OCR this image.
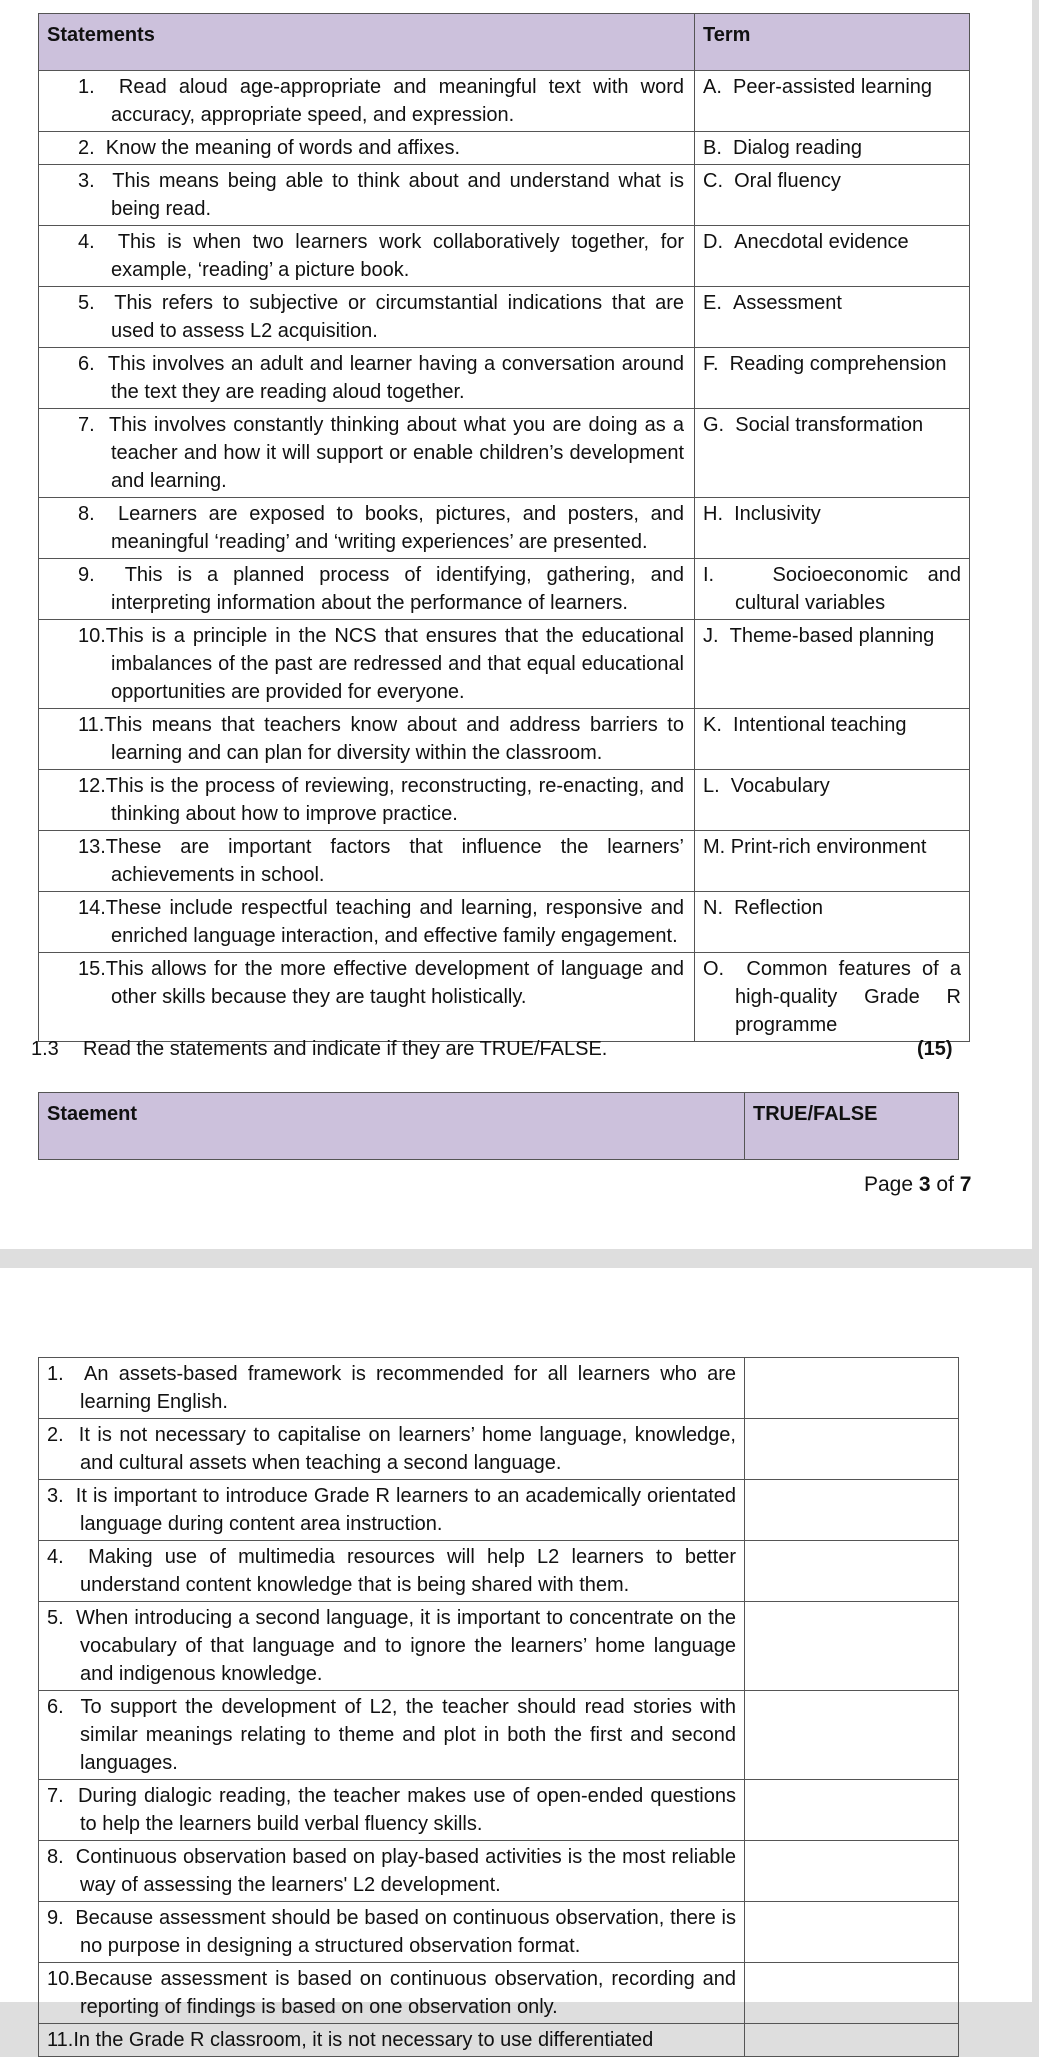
Statements	Term
1.  Read aloud age-appropriate and meaningful text with word accuracy, appropriate speed, and expression.	A.  Peer-assisted learning
2.  Know the meaning of words and affixes.	B.  Dialog reading
3.  This means being able to think about and understand what is being read.	C.  Oral fluency
4.  This is when two learners work collaboratively together, for example, ‘reading’ a picture book.	D.  Anecdotal evidence
5.  This refers to subjective or circumstantial indications that are used to assess L2 acquisition.	E.  Assessment
6.  This involves an adult and learner having a conversation around the text they are reading aloud together.	F.  Reading comprehension
7.  This involves constantly thinking about what you are doing as a teacher and how it will support or enable children’s development and learning.	G.  Social transformation
8.  Learners are exposed to books, pictures, and posters, and meaningful ‘reading’ and ‘writing experiences’ are presented.	H.  Inclusivity
9.  This is a planned process of identifying, gathering, and interpreting information about the performance of learners.	I.   Socioeconomic and cultural variables
10.This is a principle in the NCS that ensures that the educational imbalances of the past are redressed and that equal educational opportunities are provided for everyone.	J.  Theme-based planning
11.This means that teachers know about and address barriers to learning and can plan for diversity within the classroom.	K.  Intentional teaching
12.This is the process of reviewing, reconstructing, re-enacting, and thinking about how to improve practice.	L.  Vocabulary
13.These are important factors that influence the learners’ achievements in school.	M. Print-rich environment
14.These include respectful teaching and learning, responsive and enriched language interaction, and effective family engagement.	N.  Reflection
15.This allows for the more effective development of language and other skills because they are taught holistically.	O.  Common features of a high-quality Grade R programme
1.3 Read the statements and indicate if they are TRUE/FALSE.	(15)
Staement	TRUE/FALSE
Page 3 of 7
1.  An assets-based framework is recommended for all learners who are learning English.	
2.  It is not necessary to capitalise on learners’ home language, knowledge, and cultural assets when teaching a second language.	
3.  It is important to introduce Grade R learners to an academically orientated language during content area instruction.	
4.  Making use of multimedia resources will help L2 learners to better understand content knowledge that is being shared with them.	
5.  When introducing a second language, it is important to concentrate on the vocabulary of that language and to ignore the learners’ home language and indigenous knowledge.	
6.  To support the development of L2, the teacher should read stories with similar meanings relating to theme and plot in both the first and second languages.	
7.  During dialogic reading, the teacher makes use of open-ended questions to help the learners build verbal fluency skills.	
8.  Continuous observation based on play-based activities is the most reliable way of assessing the learners' L2 development.	
9.  Because assessment should be based on continuous observation, there is no purpose in designing a structured observation format.	
10.Because assessment is based on continuous observation, recording and reporting of findings is based on one observation only.	
11.In the Grade R classroom, it is not necessary to use differentiated	
